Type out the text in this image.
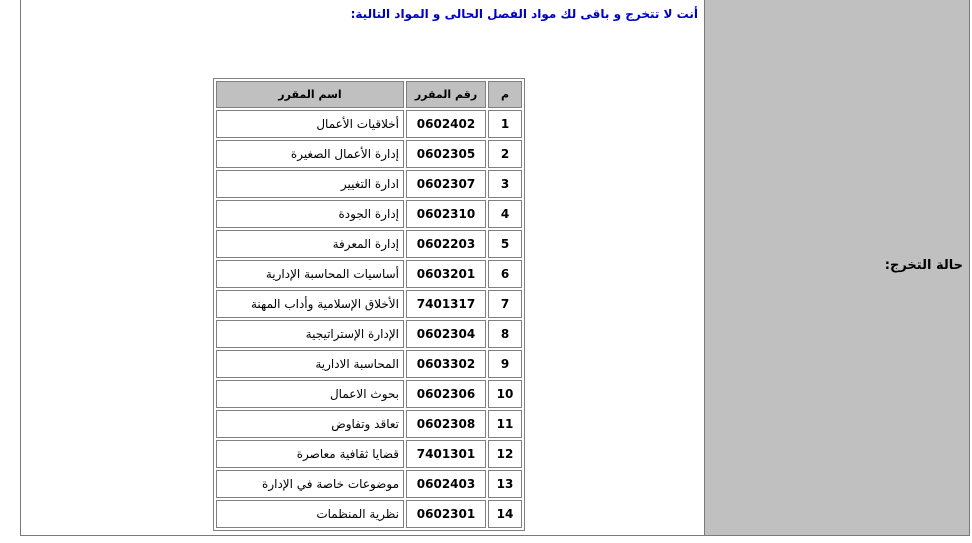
حالة التخرج:
أنت لا تتخرج و باقى لك مواد الفصل الحالى و المواد التالية:
م	رقم المقرر	اسم المقرر
1	0602402	أخلاقيات الأعمال
2	0602305	إدارة الأعمال الصغيرة
3	0602307	ادارة التغيير
4	0602310	إدارة الجودة
5	0602203	إدارة المعرفة
6	0603201	أساسيات المحاسبة الإدارية
7	7401317	الأخلاق الإسلامية وأداب المهنة
8	0602304	الإدارة الإستراتيجية
9	0603302	المحاسبة الادارية
10	0602306	بحوث الاعمال
11	0602308	تعاقد وتفاوض
12	7401301	قضايا ثقافية معاصرة
13	0602403	موضوعات خاصة في الإدارة
14	0602301	نظرية المنظمات
